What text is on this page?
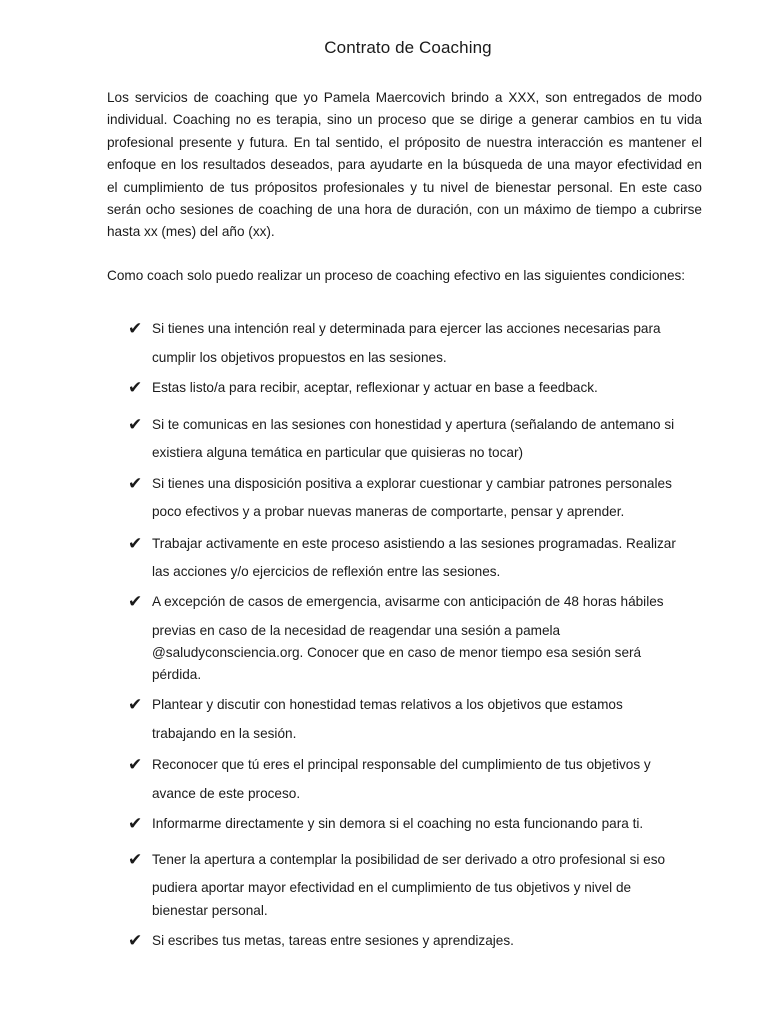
Contrato de Coaching

Los servicios de coaching que yo Pamela Maercovich brindo a XXX, son entregados de modo individual. Coaching no es terapia, sino un proceso que se dirige a generar cambios en tu vida profesional presente y futura. En tal sentido, el próposito de nuestra interacción es mantener el enfoque en los resultados deseados, para ayudarte en la búsqueda de una mayor efectividad en el cumplimiento de tus própositos profesionales y tu nivel de bienestar personal. En este caso serán ocho sesiones de coaching de una hora de duración, con un máximo de tiempo a cubrirse hasta xx (mes) del año (xx).

Como coach solo puedo realizar un proceso de coaching efectivo en las siguientes condiciones:

✔ Si tienes una intención real y determinada para ejercer las acciones necesarias para
cumplir los objetivos propuestos en las sesiones.
✔ Estas listo/a para recibir, aceptar, reflexionar y actuar en base a feedback.
✔ Si te comunicas en las sesiones con honestidad y apertura (señalando de antemano si
existiera alguna temática en particular que quisieras no tocar)
✔ Si tienes una disposición positiva a explorar cuestionar y cambiar patrones personales
poco efectivos y a probar nuevas maneras de comportarte, pensar y aprender.
✔ Trabajar activamente en este proceso asistiendo a las sesiones programadas. Realizar
las acciones y/o ejercicios de reflexión entre las sesiones.
✔ A excepción de casos de emergencia, avisarme con anticipación de 48 horas hábiles
previas en caso de la necesidad de reagendar una sesión a pamela
@saludyconsciencia.org. Conocer que en caso de menor tiempo esa sesión será
pérdida.
✔ Plantear y discutir con honestidad temas relativos a los objetivos que estamos
trabajando en la sesión.
✔ Reconocer que tú eres el principal responsable del cumplimiento de tus objetivos y
avance de este proceso.
✔ Informarme directamente y sin demora si el coaching no esta funcionando para ti.
✔ Tener la apertura a contemplar la posibilidad de ser derivado a otro profesional si eso
pudiera aportar mayor efectividad en el cumplimiento de tus objetivos y nivel de
bienestar personal.
✔ Si escribes tus metas, tareas entre sesiones y aprendizajes.
